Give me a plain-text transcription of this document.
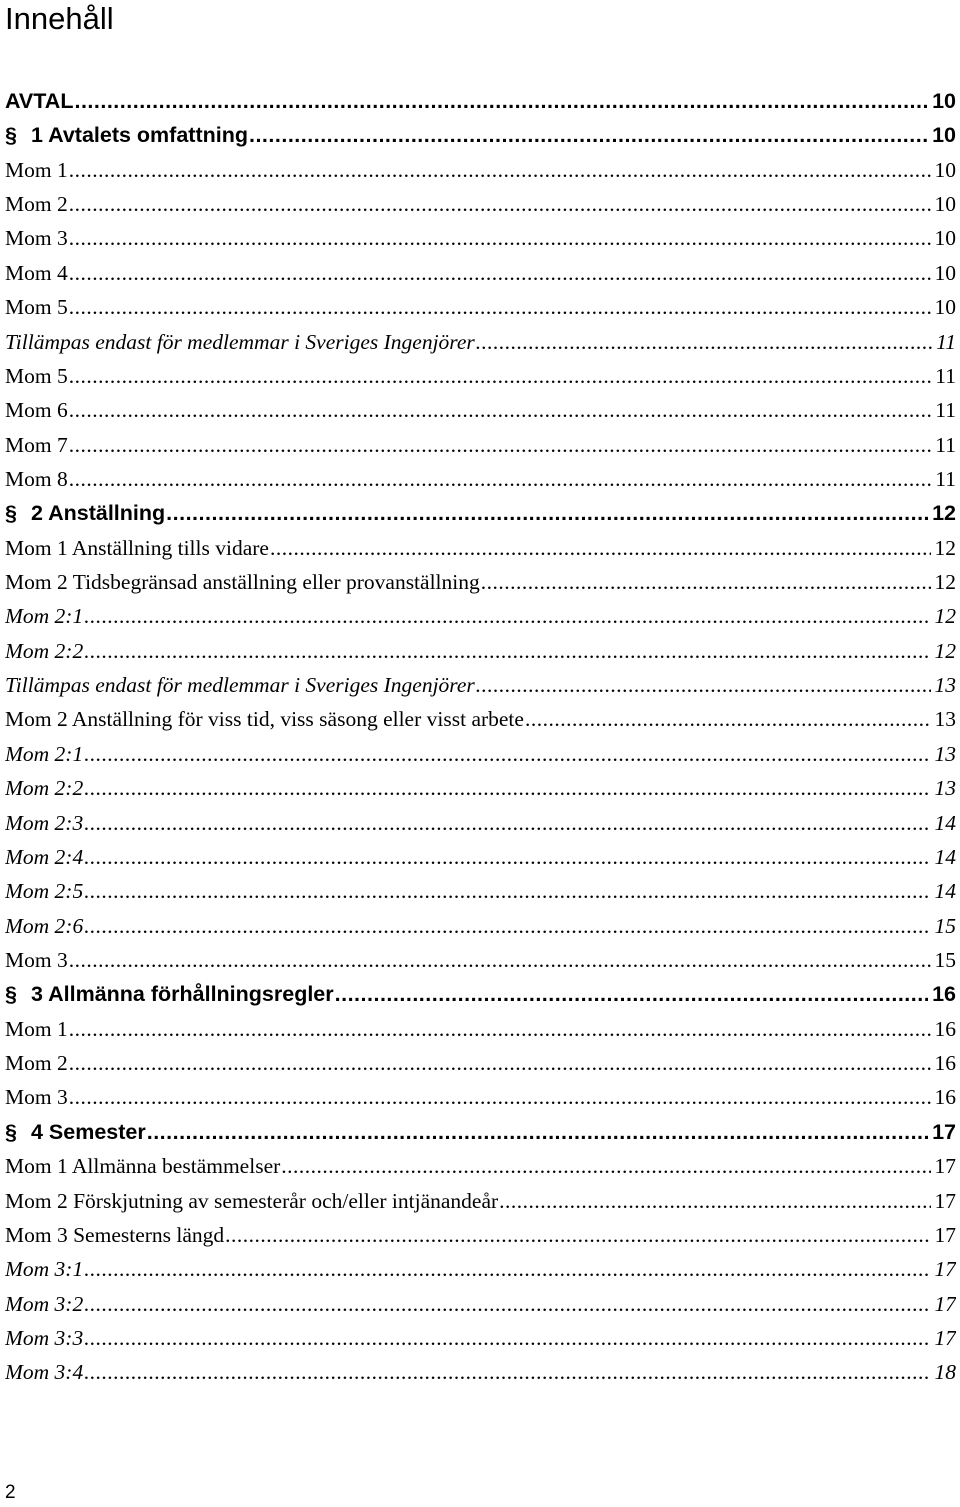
Innehåll
AVTAL .....	10
§ 1 Avtalets omfattning .....	10
Mom 1 .....	10
Mom 2 .....	10
Mom 3 .....	10
Mom 4 .....	10
Mom 5 .....	10
Tillämpas endast för medlemmar i Sveriges Ingenjörer .....	11
Mom 5 .....	11
Mom 6 .....	11
Mom 7 .....	11
Mom 8 .....	11
§ 2 Anställning .....	12
Mom 1 Anställning tills vidare .....	12
Mom 2 Tidsbegränsad anställning eller provanställning .....	12
Mom 2:1 .....	12
Mom 2:2 .....	12
Tillämpas endast för medlemmar i Sveriges Ingenjörer .....	13
Mom 2 Anställning för viss tid, viss säsong eller visst arbete .....	13
Mom 2:1 .....	13
Mom 2:2 .....	13
Mom 2:3 .....	14
Mom 2:4 .....	14
Mom 2:5 .....	14
Mom 2:6 .....	15
Mom 3 .....	15
§ 3 Allmänna förhållningsregler .....	16
Mom 1 .....	16
Mom 2 .....	16
Mom 3 .....	16
§ 4 Semester .....	17
Mom 1 Allmänna bestämmelser .....	17
Mom 2 Förskjutning av semesterår och/eller intjänandeår .....	17
Mom 3 Semesterns längd .....	17
Mom 3:1 .....	17
Mom 3:2 .....	17
Mom 3:3 .....	17
Mom 3:4 .....	18
2
